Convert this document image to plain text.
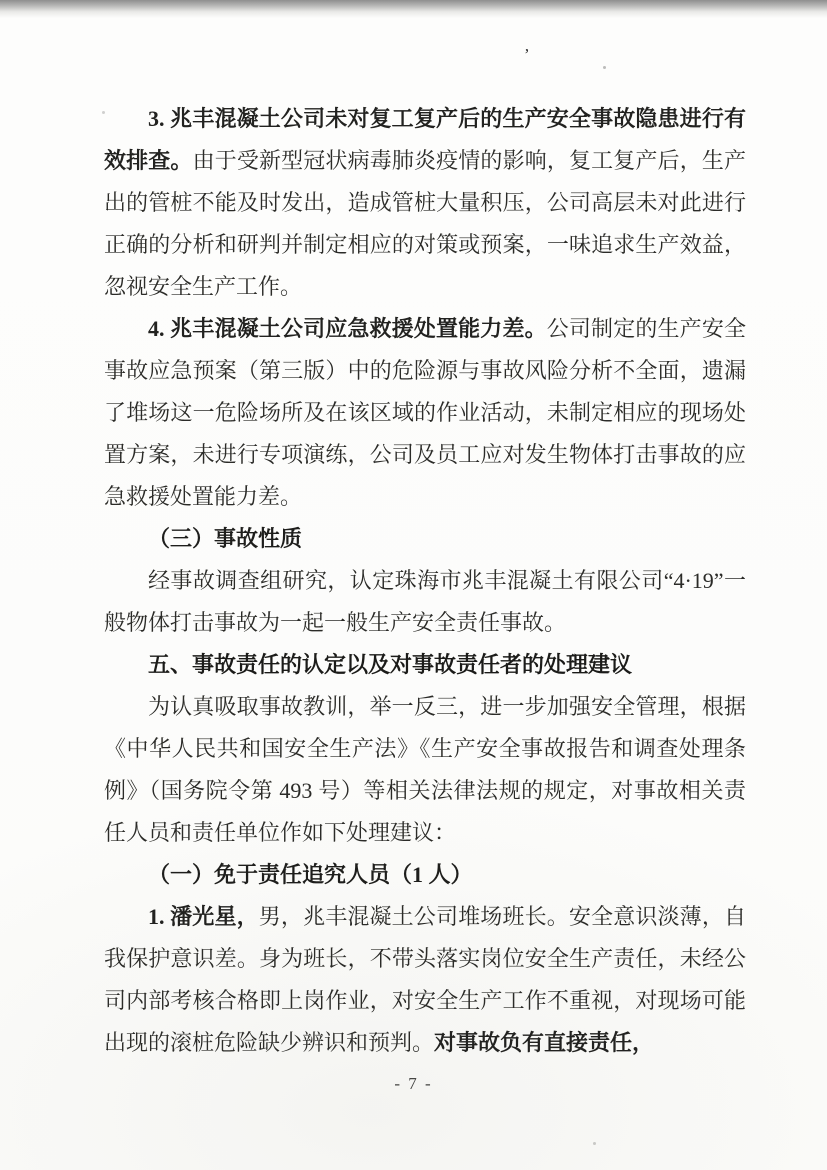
’

3. 兆丰混凝土公司未对复工复产后的生产安全事故隐患进行有效排查。由于受新型冠状病毒肺炎疫情的影响，复工复产后，生产出的管桩不能及时发出，造成管桩大量积压，公司高层未对此进行正确的分析和研判并制定相应的对策或预案，一味追求生产效益，忽视安全生产工作。

4. 兆丰混凝土公司应急救援处置能力差。公司制定的生产安全事故应急预案（第三版）中的危险源与事故风险分析不全面，遗漏了堆场这一危险场所及在该区域的作业活动，未制定相应的现场处置方案，未进行专项演练，公司及员工应对发生物体打击事故的应急救援处置能力差。

（三）事故性质

经事故调查组研究，认定珠海市兆丰混凝土有限公司“4·19”一般物体打击事故为一起一般生产安全责任事故。

五、事故责任的认定以及对事故责任者的处理建议

为认真吸取事故教训，举一反三，进一步加强安全管理，根据《中华人民共和国安全生产法》《生产安全事故报告和调查处理条例》（国务院令第 493 号）等相关法律法规的规定，对事故相关责任人员和责任单位作如下处理建议：

（一）免于责任追究人员（1 人）

1. 潘光星，男，兆丰混凝土公司堆场班长。安全意识淡薄，自我保护意识差。身为班长，不带头落实岗位安全生产责任，未经公司内部考核合格即上岗作业，对安全生产工作不重视，对现场可能出现的滚桩危险缺少辨识和预判。对事故负有直接责任，

- 7 -
